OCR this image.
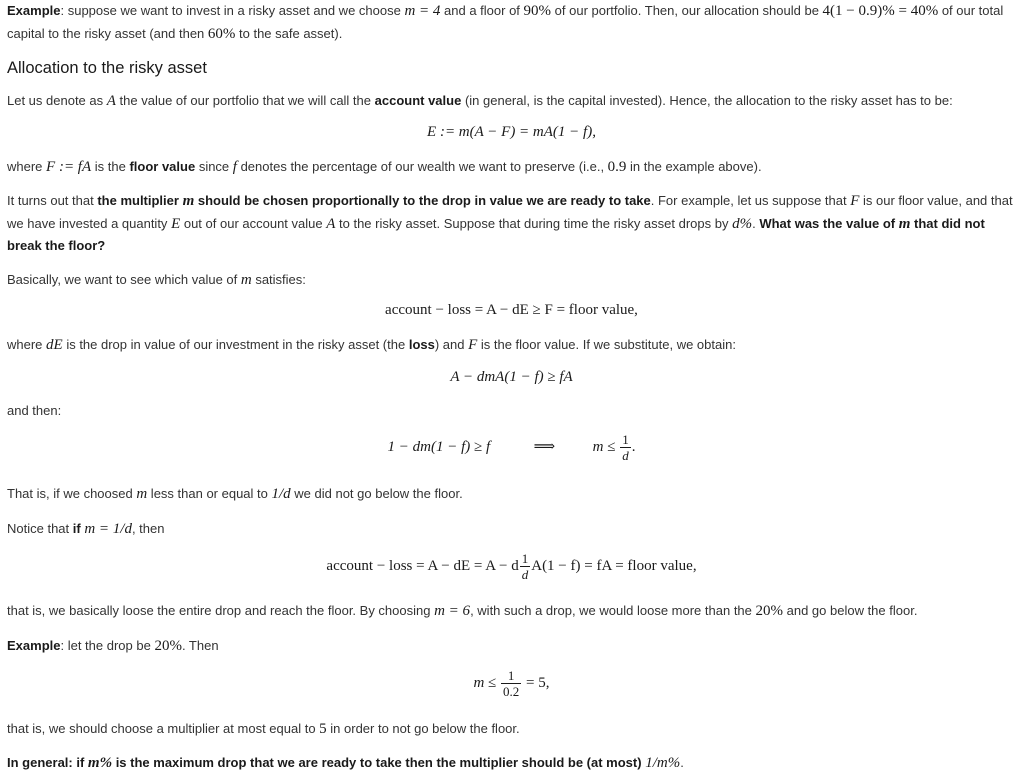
Example: suppose we want to invest in a risky asset and we choose m = 4 and a floor of 90% of our portfolio. Then, our allocation should be 4(1 − 0.9)% = 40% of our total capital to the risky asset (and then 60% to the safe asset).

Allocation to the risky asset

Let us denote as A the value of our portfolio that we will call the account value (in general, is the capital invested). Hence, the allocation to the risky asset has to be:

E := m(A − F) = mA(1 − f),

where F := fA is the floor value since f denotes the percentage of our wealth we want to preserve (i.e., 0.9 in the example above).

It turns out that the multiplier m should be chosen proportionally to the drop in value we are ready to take. For example, let us suppose that F is our floor value, and that we have invested a quantity E out of our account value A to the risky asset. Suppose that during time the risky asset drops by d%. What was the value of m that did not break the floor?

Basically, we want to see which value of m satisfies:

account − loss = A − dE ≥ F = floor value,

where dE is the drop in value of our investment in the risky asset (the loss) and F is the floor value. If we substitute, we obtain:

A − dmA(1 − f) ≥ fA

and then:

1 − dm(1 − f) ≥ f	⟹	$m \le \frac{1}{d}$ .

That is, if we choosed m less than or equal to 1/d we did not go below the floor.

Notice that if m = 1/d, then

account − loss = A − dE = A − d $\frac{1}{d} A(1 - f)$ = fA = floor value,

that is, we basically loose the entire drop and reach the floor. By choosing m = 6, with such a drop, we would loose more than the 20% and go below the floor.

Example: let the drop be 20%. Then

$m \le \frac{1}{0.2} = 5$,

that is, we should choose a multiplier at most equal to 5 in order to not go below the floor.

In general: if m% is the maximum drop that we are ready to take then the multiplier should be (at most) 1/m%.
